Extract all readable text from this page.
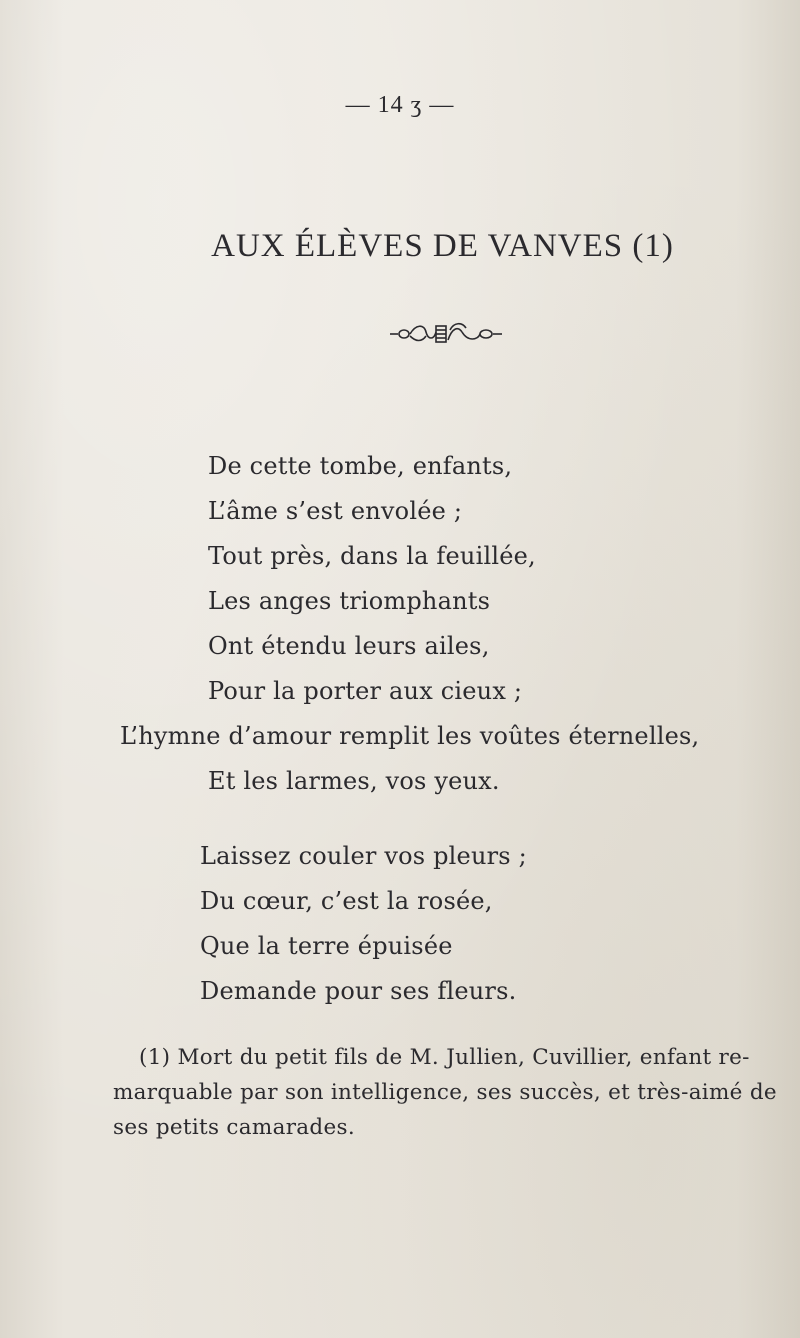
— 14 ʒ —
AUX ÉLÈVES DE VANVES (1)
De cette tombe, enfants,
L’âme s’est envolée ;
Tout près, dans la feuillée,
Les anges triomphants
Ont étendu leurs ailes,
Pour la porter aux cieux ;
L’hymne d’amour remplit les voûtes éternelles,
Et les larmes, vos yeux.
Laissez couler vos pleurs ;
Du cœur, c’est la rosée,
Que la terre épuisée
Demande pour ses fleurs.
(1) Mort du petit fils de M. Jullien, Cuvillier, enfant re-
marquable par son intelligence, ses succès, et très-aimé de
ses petits camarades.
